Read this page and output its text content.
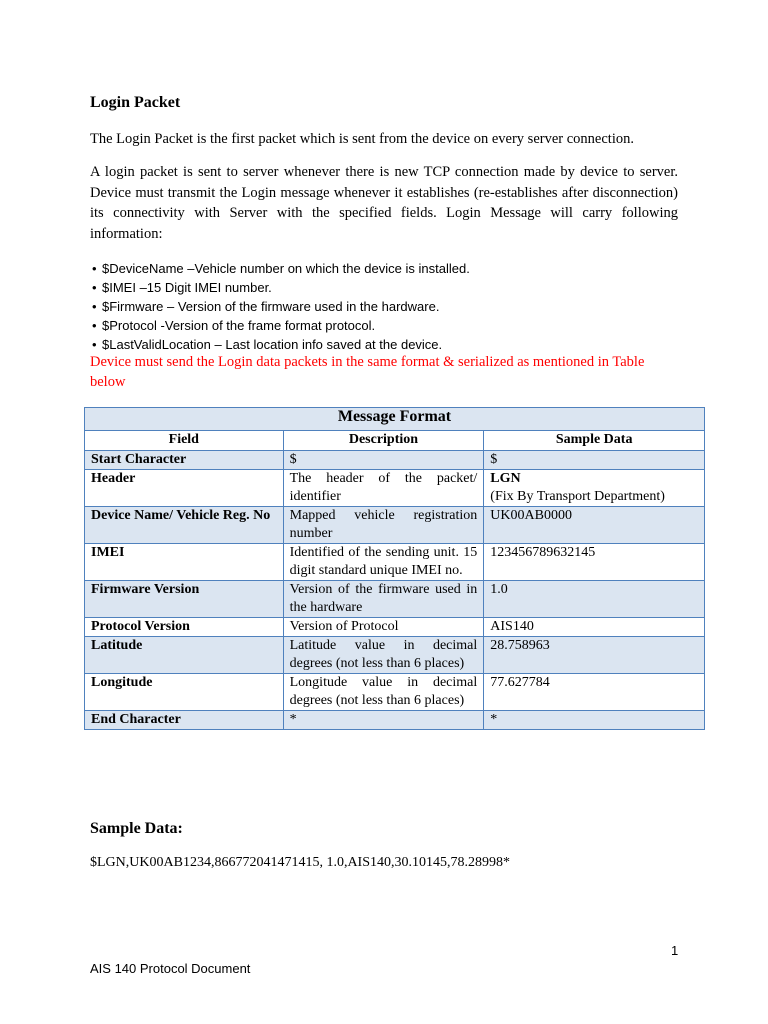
Login Packet

The Login Packet is the first packet which is sent from the device on every server connection.

A login packet is sent to server whenever there is new TCP connection made by device to server. Device must transmit the Login message whenever it establishes (re-establishes after disconnection) its connectivity with Server with the specified fields. Login Message will carry following information:

• $DeviceName –Vehicle number on which the device is installed.
• $IMEI –15 Digit IMEI number.
• $Firmware – Version of the firmware used in the hardware.
• $Protocol -Version of the frame format protocol.
• $LastValidLocation – Last location info saved at the device.

Device must send the Login data packets in the same format & serialized as mentioned in Table below

Message Format		
Field	Description	Sample Data
Start Character	$	$
Header	The header of the packet/ identifier	LGN
(Fix By Transport Department)

Device Name/ Vehicle Reg. No	Mapped vehicle registration number	UK00AB0000
IMEI	Identified of the sending unit. 15 digit standard unique IMEI no.	123456789632145
Firmware Version	Version of the firmware used in the hardware	1.0
Protocol Version	Version of Protocol	AIS140
Latitude	Latitude value in decimal degrees (not less than 6 places)	28.758963
Longitude	Longitude value in decimal degrees (not less than 6 places)	77.627784
End Character	*	*
Sample Data:

$LGN,UK00AB1234,866772041471415, 1.0,AIS140,30.10145,78.28998*

1
AIS 140 Protocol Document
